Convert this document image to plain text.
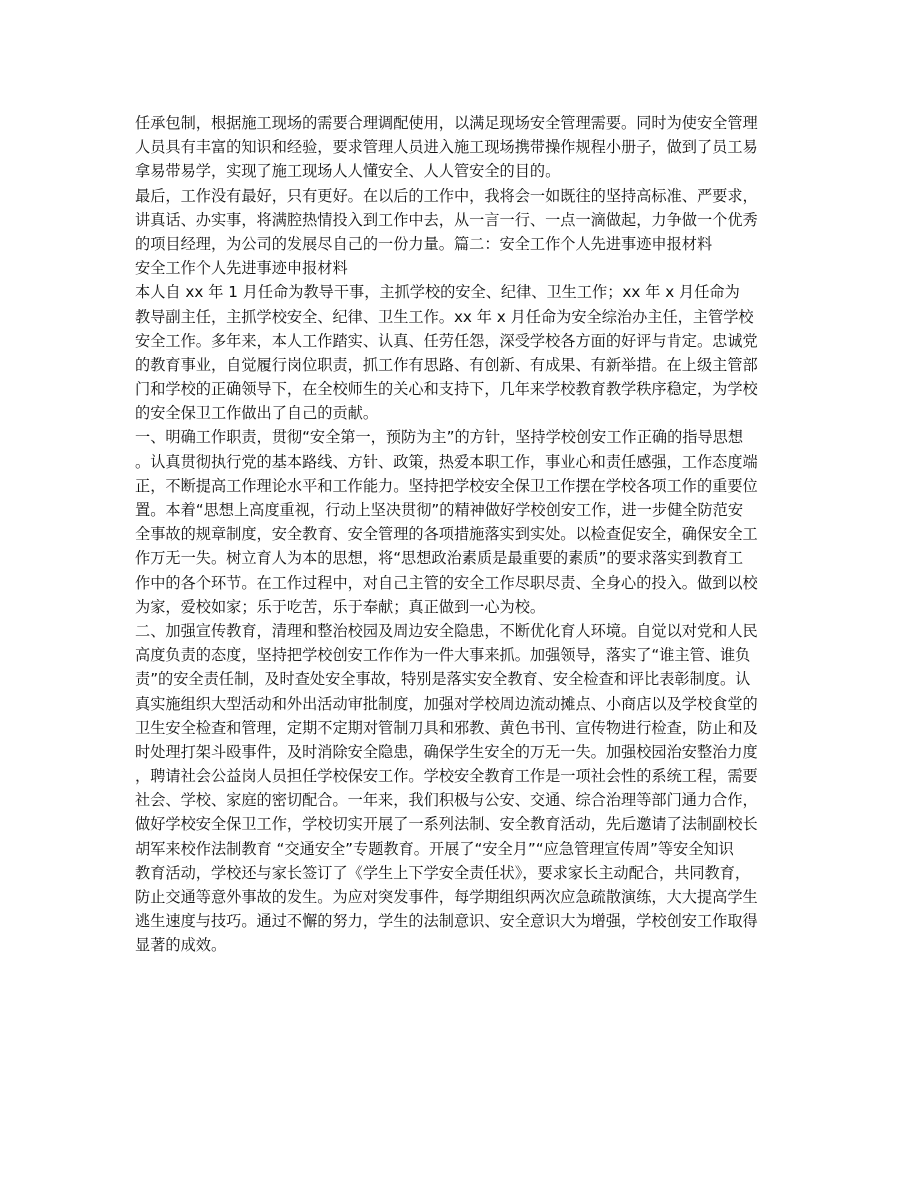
任承包制，根据施工现场的需要合理调配使用，以满足现场安全管理需要。同时为使安全管理
人员具有丰富的知识和经验，要求管理人员进入施工现场携带操作规程小册子，做到了员工易
拿易带易学，实现了施工现场人人懂安全、人人管安全的目的。
最后，工作没有最好，只有更好。在以后的工作中，我将会一如既往的坚持高标准、严要求，
讲真话、办实事，将满腔热情投入到工作中去，从一言一行、一点一滴做起，力争做一个优秀
的项目经理，为公司的发展尽自己的一份力量。篇二：安全工作个人先进事迹申报材料
安全工作个人先进事迹申报材料
本人自 xx 年 1 月任命为教导干事，主抓学校的安全、纪律、卫生工作；xx 年 x 月任命为
教导副主任，主抓学校安全、纪律、卫生工作。xx 年 x 月任命为安全综治办主任，主管学校
安全工作。多年来，本人工作踏实、认真、任劳任怨，深受学校各方面的好评与肯定。忠诚党
的教育事业，自觉履行岗位职责，抓工作有思路、有创新、有成果、有新举措。在上级主管部
门和学校的正确领导下，在全校师生的关心和支持下，几年来学校教育教学秩序稳定，为学校
的安全保卫工作做出了自己的贡献。
一、明确工作职责，贯彻“安全第一，预防为主”的方针，坚持学校创安工作正确的指导思想
。认真贯彻执行党的基本路线、方针、政策，热爱本职工作，事业心和责任感强，工作态度端
正，不断提高工作理论水平和工作能力。坚持把学校安全保卫工作摆在学校各项工作的重要位
置。本着“思想上高度重视，行动上坚决贯彻”的精神做好学校创安工作，进一步健全防范安
全事故的规章制度，安全教育、安全管理的各项措施落实到实处。以检查促安全，确保安全工
作万无一失。树立育人为本的思想，将“思想政治素质是最重要的素质”的要求落实到教育工
作中的各个环节。在工作过程中，对自己主管的安全工作尽职尽责、全身心的投入。做到以校
为家，爱校如家；乐于吃苦，乐于奉献；真正做到一心为校。
二、加强宣传教育，清理和整治校园及周边安全隐患，不断优化育人环境。自觉以对党和人民
高度负责的态度，坚持把学校创安工作作为一件大事来抓。加强领导，落实了“谁主管、谁负
责”的安全责任制，及时查处安全事故，特别是落实安全教育、安全检查和评比表彰制度。认
真实施组织大型活动和外出活动审批制度，加强对学校周边流动摊点、小商店以及学校食堂的
卫生安全检查和管理，定期不定期对管制刀具和邪教、黄色书刊、宣传物进行检查，防止和及
时处理打架斗殴事件，及时消除安全隐患，确保学生安全的万无一失。加强校园治安整治力度
，聘请社会公益岗人员担任学校保安工作。学校安全教育工作是一项社会性的系统工程，需要
社会、学校、家庭的密切配合。一年来，我们积极与公安、交通、综合治理等部门通力合作，
做好学校安全保卫工作，学校切实开展了一系列法制、安全教育活动，先后邀请了法制副校长
胡军来校作法制教育 “交通安全”专题教育。开展了“安全月”“应急管理宣传周”等安全知识
教育活动，学校还与家长签订了《学生上下学安全责任状》，要求家长主动配合，共同教育，
防止交通等意外事故的发生。为应对突发事件，每学期组织两次应急疏散演练，大大提高学生
逃生速度与技巧。通过不懈的努力，学生的法制意识、安全意识大为增强，学校创安工作取得
显著的成效。
